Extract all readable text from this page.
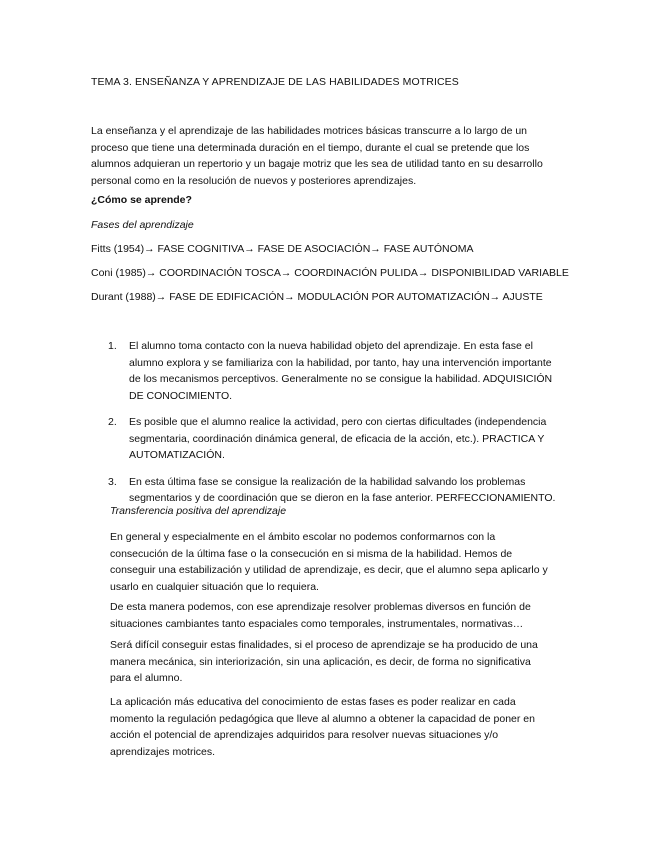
TEMA 3. ENSEÑANZA Y APRENDIZAJE DE LAS HABILIDADES MOTRICES

La enseñanza y el aprendizaje de las habilidades motrices básicas transcurre a lo largo de un proceso que tiene una determinada duración en el tiempo, durante el cual se pretende que los alumnos adquieran un repertorio y un bagaje motriz que les sea de utilidad tanto en su desarrollo personal como en la resolución de nuevos y posteriores aprendizajes.

¿Cómo se aprende?
Fases del aprendizaje
Fitts (1954)→ FASE COGNITIVA→ FASE DE ASOCIACIÓN→ FASE AUTÓNOMA
Coni (1985)→ COORDINACIÓN TOSCA→ COORDINACIÓN PULIDA→ DISPONIBILIDAD VARIABLE
Durant (1988)→ FASE DE EDIFICACIÓN→ MODULACIÓN POR AUTOMATIZACIÓN→ AJUSTE
1.	El alumno toma contacto con la nueva habilidad objeto del aprendizaje. En esta fase el alumno explora y se familiariza con la habilidad, por tanto, hay una intervención importante de los mecanismos perceptivos. Generalmente no se consigue la habilidad. ADQUISICIÓN DE CONOCIMIENTO.
2.	Es posible que el alumno realice la actividad, pero con ciertas dificultades (independencia segmentaria, coordinación dinámica general, de eficacia de la acción, etc.). PRACTICA Y AUTOMATIZACIÓN.
3.	En esta última fase se consigue la realización de la habilidad salvando los problemas segmentarios y de coordinación que se dieron en la fase anterior. PERFECCIONAMIENTO.
Transferencia positiva del aprendizaje

En general y especialmente en el ámbito escolar no podemos conformarnos con la consecución de la última fase o la consecución en si misma de la habilidad. Hemos de conseguir una estabilización y utilidad de aprendizaje, es decir, que el alumno sepa aplicarlo y usarlo en cualquier situación que lo requiera.

De esta manera podemos, con ese aprendizaje resolver problemas diversos en función de situaciones cambiantes tanto espaciales como temporales, instrumentales, normativas…

Será difícil conseguir estas finalidades, si el proceso de aprendizaje se ha producido de una manera mecánica, sin interiorización, sin una aplicación, es decir, de forma no significativa para el alumno.

La aplicación más educativa del conocimiento de estas fases es poder realizar en cada momento la regulación pedagógica que lleve al alumno a obtener la capacidad de poner en acción el potencial de aprendizajes adquiridos para resolver nuevas situaciones y/o aprendizajes motrices.
